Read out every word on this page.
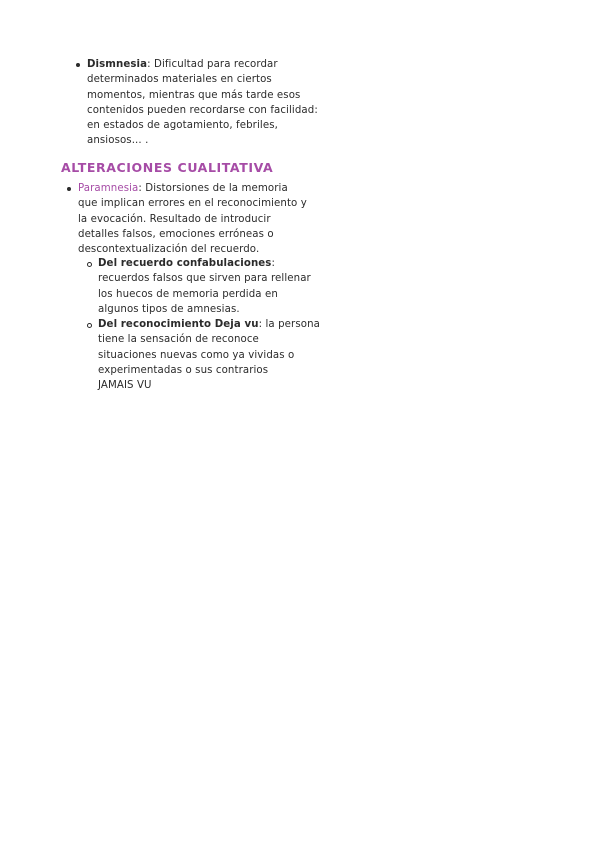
Dismnesia: Dificultad para recordar
determinados materiales en ciertos
momentos, mientras que más tarde esos
contenidos pueden recordarse con facilidad:
en estados de agotamiento, febriles,
ansiosos... .
ALTERACIONES CUALITATIVA
Paramnesia: Distorsiones de la memoria
que implican errores en el reconocimiento y
la evocación. Resultado de introducir
detalles falsos, emociones erróneas o
descontextualización del recuerdo.
Del recuerdo confabulaciones:
recuerdos falsos que sirven para rellenar
los huecos de memoria perdida en
algunos tipos de amnesias.
Del reconocimiento Deja vu: la persona
tiene la sensación de reconoce
situaciones nuevas como ya vividas o
experimentadas o sus contrarios
JAMAIS VU
